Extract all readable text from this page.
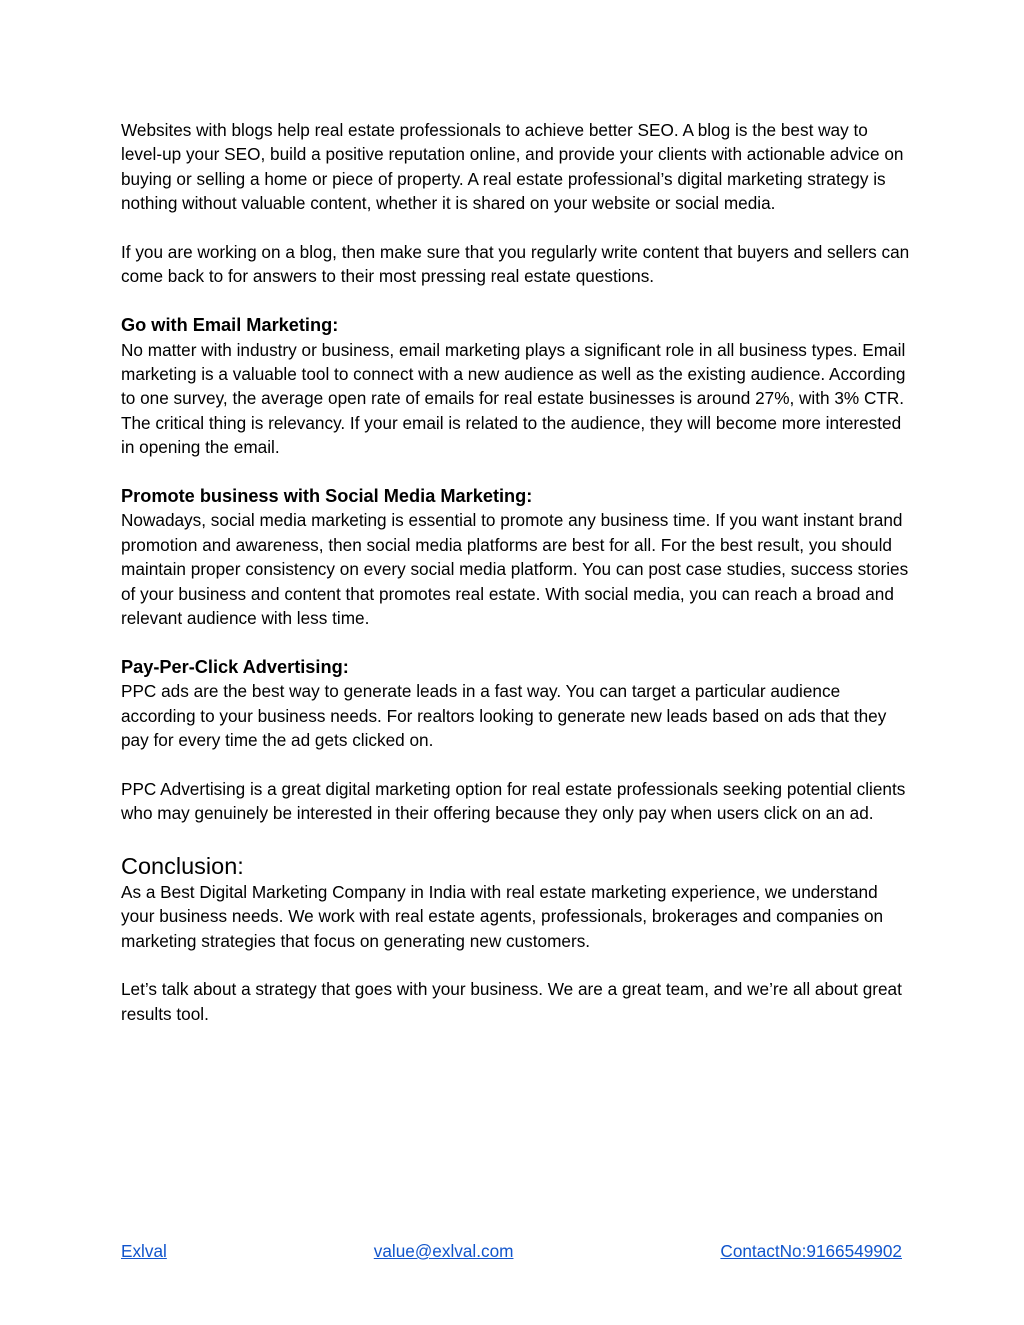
Websites with blogs help real estate professionals to achieve better SEO. A blog is the best way to level-up your SEO, build a positive reputation online, and provide your clients with actionable advice on buying or selling a home or piece of property. A real estate professional’s digital marketing strategy is nothing without valuable content, whether it is shared on your website or social media.

If you are working on a blog, then make sure that you regularly write content that buyers and sellers can come back to for answers to their most pressing real estate questions.

Go with Email Marketing:

No matter with industry or business, email marketing plays a significant role in all business types. Email marketing is a valuable tool to connect with a new audience as well as the existing audience. According to one survey, the average open rate of emails for real estate businesses is around 27%, with 3% CTR. The critical thing is relevancy. If your email is related to the audience, they will become more interested in opening the email.

Promote business with Social Media Marketing:

Nowadays, social media marketing is essential to promote any business time. If you want instant brand promotion and awareness, then social media platforms are best for all. For the best result, you should maintain proper consistency on every social media platform. You can post case studies, success stories of your business and content that promotes real estate. With social media, you can reach a broad and relevant audience with less time.

Pay-Per-Click Advertising:

PPC ads are the best way to generate leads in a fast way. You can target a particular audience according to your business needs. For realtors looking to generate new leads based on ads that they pay for every time the ad gets clicked on.

PPC Advertising is a great digital marketing option for real estate professionals seeking potential clients who may genuinely be interested in their offering because they only pay when users click on an ad.

Conclusion:

As a Best Digital Marketing Company in India with real estate marketing experience, we understand your business needs. We work with real estate agents, professionals, brokerages and companies on marketing strategies that focus on generating new customers.

Let’s talk about a strategy that goes with your business. We are a great team, and we’re all about great results tool.

Exlval	value@exlval.com	ContactNo:9166549902
